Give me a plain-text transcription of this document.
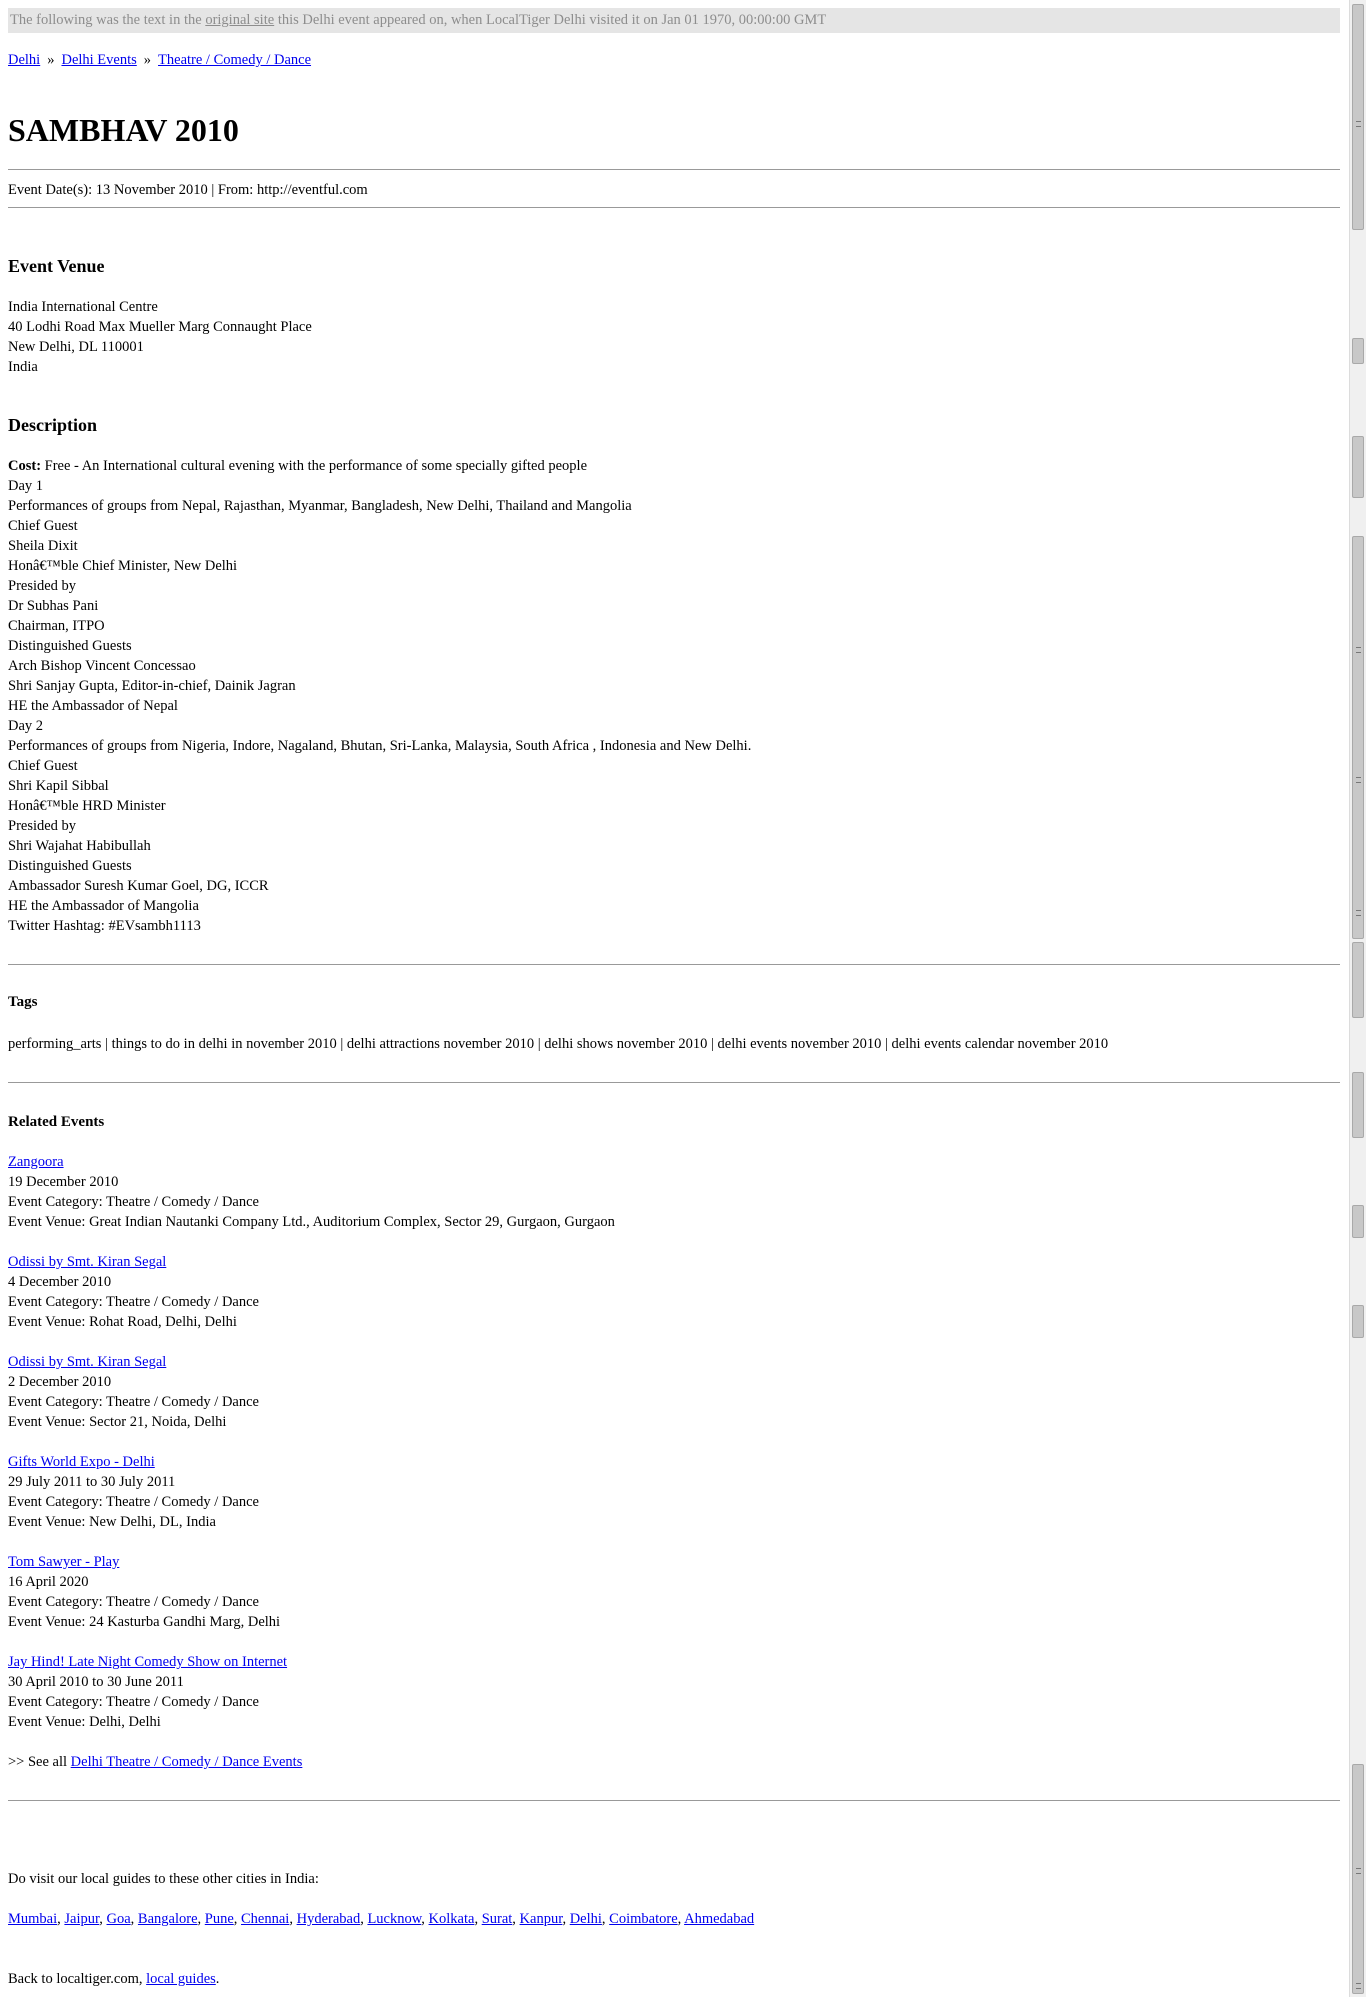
The following was the text in the original site this Delhi event appeared on, when LocalTiger Delhi visited it on Jan 01 1970, 00:00:00 GMT
Delhi » Delhi Events » Theatre / Comedy / Dance
SAMBHAV 2010
Event Date(s): 13 November 2010 | From: http://eventful.com
Event Venue
India International Centre
40 Lodhi Road Max Mueller Marg Connaught Place
New Delhi, DL 110001
India
Description
Cost: Free - An International cultural evening with the performance of some specially gifted people
Day 1
Performances of groups from Nepal, Rajasthan, Myanmar, Bangladesh, New Delhi, Thailand and Mangolia
Chief Guest
Sheila Dixit
Honâ€™ble Chief Minister, New Delhi
Presided by
Dr Subhas Pani
Chairman, ITPO
Distinguished Guests
Arch Bishop Vincent Concessao
Shri Sanjay Gupta, Editor-in-chief, Dainik Jagran
HE the Ambassador of Nepal
Day 2
Performances of groups from Nigeria, Indore, Nagaland, Bhutan, Sri-Lanka, Malaysia, South Africa , Indonesia and New Delhi.
Chief Guest
Shri Kapil Sibbal
Honâ€™ble HRD Minister
Presided by
Shri Wajahat Habibullah
Distinguished Guests
Ambassador Suresh Kumar Goel, DG, ICCR
HE the Ambassador of Mangolia
Twitter Hashtag: #EVsambh1113
Tags
performing_arts | things to do in delhi in november 2010 | delhi attractions november 2010 | delhi shows november 2010 | delhi events november 2010 | delhi events calendar november 2010
Related Events
Zangoora
19 December 2010
Event Category: Theatre / Comedy / Dance
Event Venue: Great Indian Nautanki Company Ltd., Auditorium Complex, Sector 29, Gurgaon, Gurgaon
Odissi by Smt. Kiran Segal
4 December 2010
Event Category: Theatre / Comedy / Dance
Event Venue: Rohat Road, Delhi, Delhi
Odissi by Smt. Kiran Segal
2 December 2010
Event Category: Theatre / Comedy / Dance
Event Venue: Sector 21, Noida, Delhi
Gifts World Expo - Delhi
29 July 2011 to 30 July 2011
Event Category: Theatre / Comedy / Dance
Event Venue: New Delhi, DL, India
Tom Sawyer - Play
16 April 2020
Event Category: Theatre / Comedy / Dance
Event Venue: 24 Kasturba Gandhi Marg, Delhi
Jay Hind! Late Night Comedy Show on Internet
30 April 2010 to 30 June 2011
Event Category: Theatre / Comedy / Dance
Event Venue: Delhi, Delhi
>> See all Delhi Theatre / Comedy / Dance Events
Do visit our local guides to these other cities in India:
Mumbai, Jaipur, Goa, Bangalore, Pune, Chennai, Hyderabad, Lucknow, Kolkata, Surat, Kanpur, Delhi, Coimbatore, Ahmedabad
Back to localtiger.com, local guides.
